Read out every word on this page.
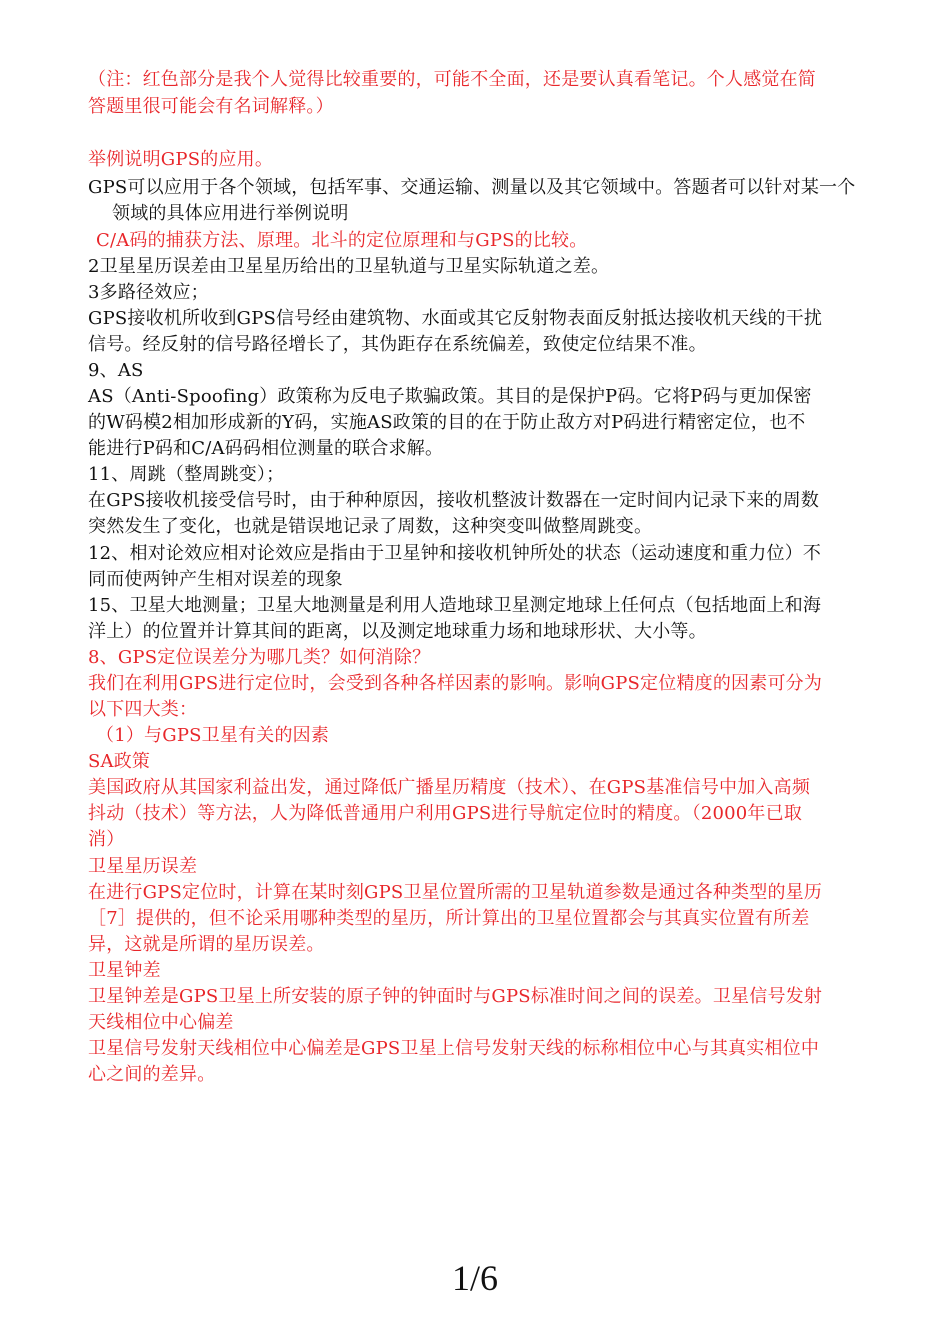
（注：红色部分是我个人觉得比较重要的，可能不全面，还是要认真看笔记。个人感觉在简
答题里很可能会有名词解释。）
举例说明GPS的应用。
GPS可以应用于各个领域，包括军事、交通运输、测量以及其它领域中。答题者可以针对某一个
领域的具体应用进行举例说明
C/A码的捕获方法、原理。北斗的定位原理和与GPS的比较。
2卫星星历误差由卫星星历给出的卫星轨道与卫星实际轨道之差。
3多路径效应；
GPS接收机所收到GPS信号经由建筑物、水面或其它反射物表面反射抵达接收机天线的干扰
信号。经反射的信号路径增长了，其伪距存在系统偏差，致使定位结果不准。
9、AS
AS（Anti-Spoofing）政策称为反电子欺骗政策。其目的是保护P码。它将P码与更加保密
的W码模2相加形成新的Y码，实施AS政策的目的在于防止敌方对P码进行精密定位，也不
能进行P码和C/A码码相位测量的联合求解。
11、周跳（整周跳变）；
在GPS接收机接受信号时，由于种种原因，接收机整波计数器在一定时间内记录下来的周数
突然发生了变化，也就是错误地记录了周数，这种突变叫做整周跳变。
12、相对论效应相对论效应是指由于卫星钟和接收机钟所处的状态（运动速度和重力位）不
同而使两钟产生相对误差的现象
15、卫星大地测量；卫星大地测量是利用人造地球卫星测定地球上任何点（包括地面上和海
洋上）的位置并计算其间的距离，以及测定地球重力场和地球形状、大小等。
8、GPS定位误差分为哪几类？如何消除？
我们在利用GPS进行定位时，会受到各种各样因素的影响。影响GPS定位精度的因素可分为
以下四大类：
（1）与GPS卫星有关的因素
SA政策
美国政府从其国家利益出发，通过降低广播星历精度（技术）、在GPS基准信号中加入高频
抖动（技术）等方法，人为降低普通用户利用GPS进行导航定位时的精度。（2000年已取
消）
卫星星历误差
在进行GPS定位时，计算在某时刻GPS卫星位置所需的卫星轨道参数是通过各种类型的星历
［7］提供的，但不论采用哪种类型的星历，所计算出的卫星位置都会与其真实位置有所差
异，这就是所谓的星历误差。
卫星钟差
卫星钟差是GPS卫星上所安装的原子钟的钟面时与GPS标准时间之间的误差。卫星信号发射
天线相位中心偏差
卫星信号发射天线相位中心偏差是GPS卫星上信号发射天线的标称相位中心与其真实相位中
心之间的差异。
1/6
